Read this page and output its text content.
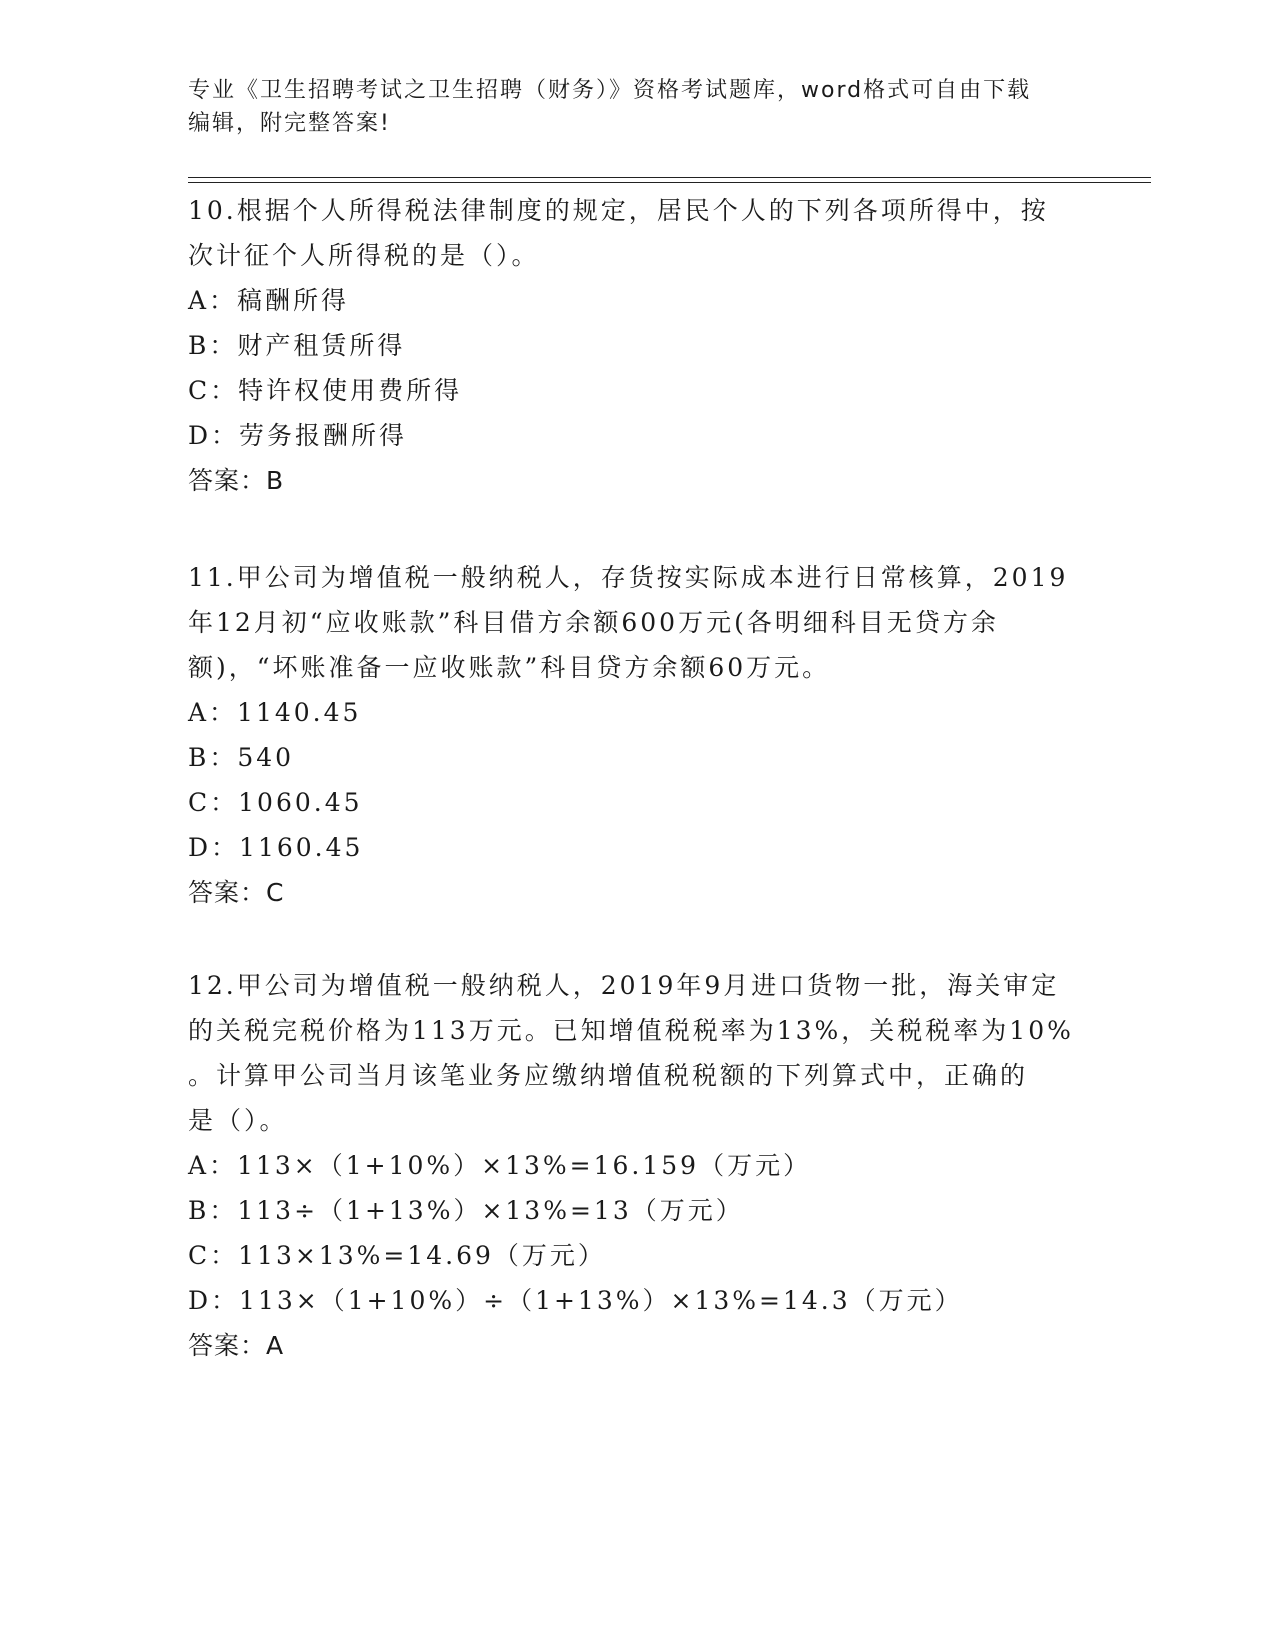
专业《卫生招聘考试之卫生招聘（财务）》资格考试题库，word格式可自由下载
编辑，附完整答案!
10.根据个人所得税法律制度的规定，居民个人的下列各项所得中，按
次计征个人所得税的是（）。
A：稿酬所得
B：财产租赁所得
C：特许权使用费所得
D：劳务报酬所得
答案：B
11.甲公司为增值税一般纳税人，存货按实际成本进行日常核算，2019
年12月初“应收账款”科目借方余额600万元(各明细科目无贷方余
额)，“坏账准备一应收账款”科目贷方余额60万元。
A：1140.45
B：540
C：1060.45
D：1160.45
答案：C
12.甲公司为增值税一般纳税人，2019年9月进口货物一批，海关审定
的关税完税价格为113万元。已知增值税税率为13%，关税税率为10%
。计算甲公司当月该笔业务应缴纳增值税税额的下列算式中，正确的
是（）。
A：113×（1+10%）×13%=16.159（万元）
B：113÷（1+13%）×13%=13（万元）
C：113×13%=14.69（万元）
D：113×（1+10%）÷（1+13%）×13%=14.3（万元）
答案：A
